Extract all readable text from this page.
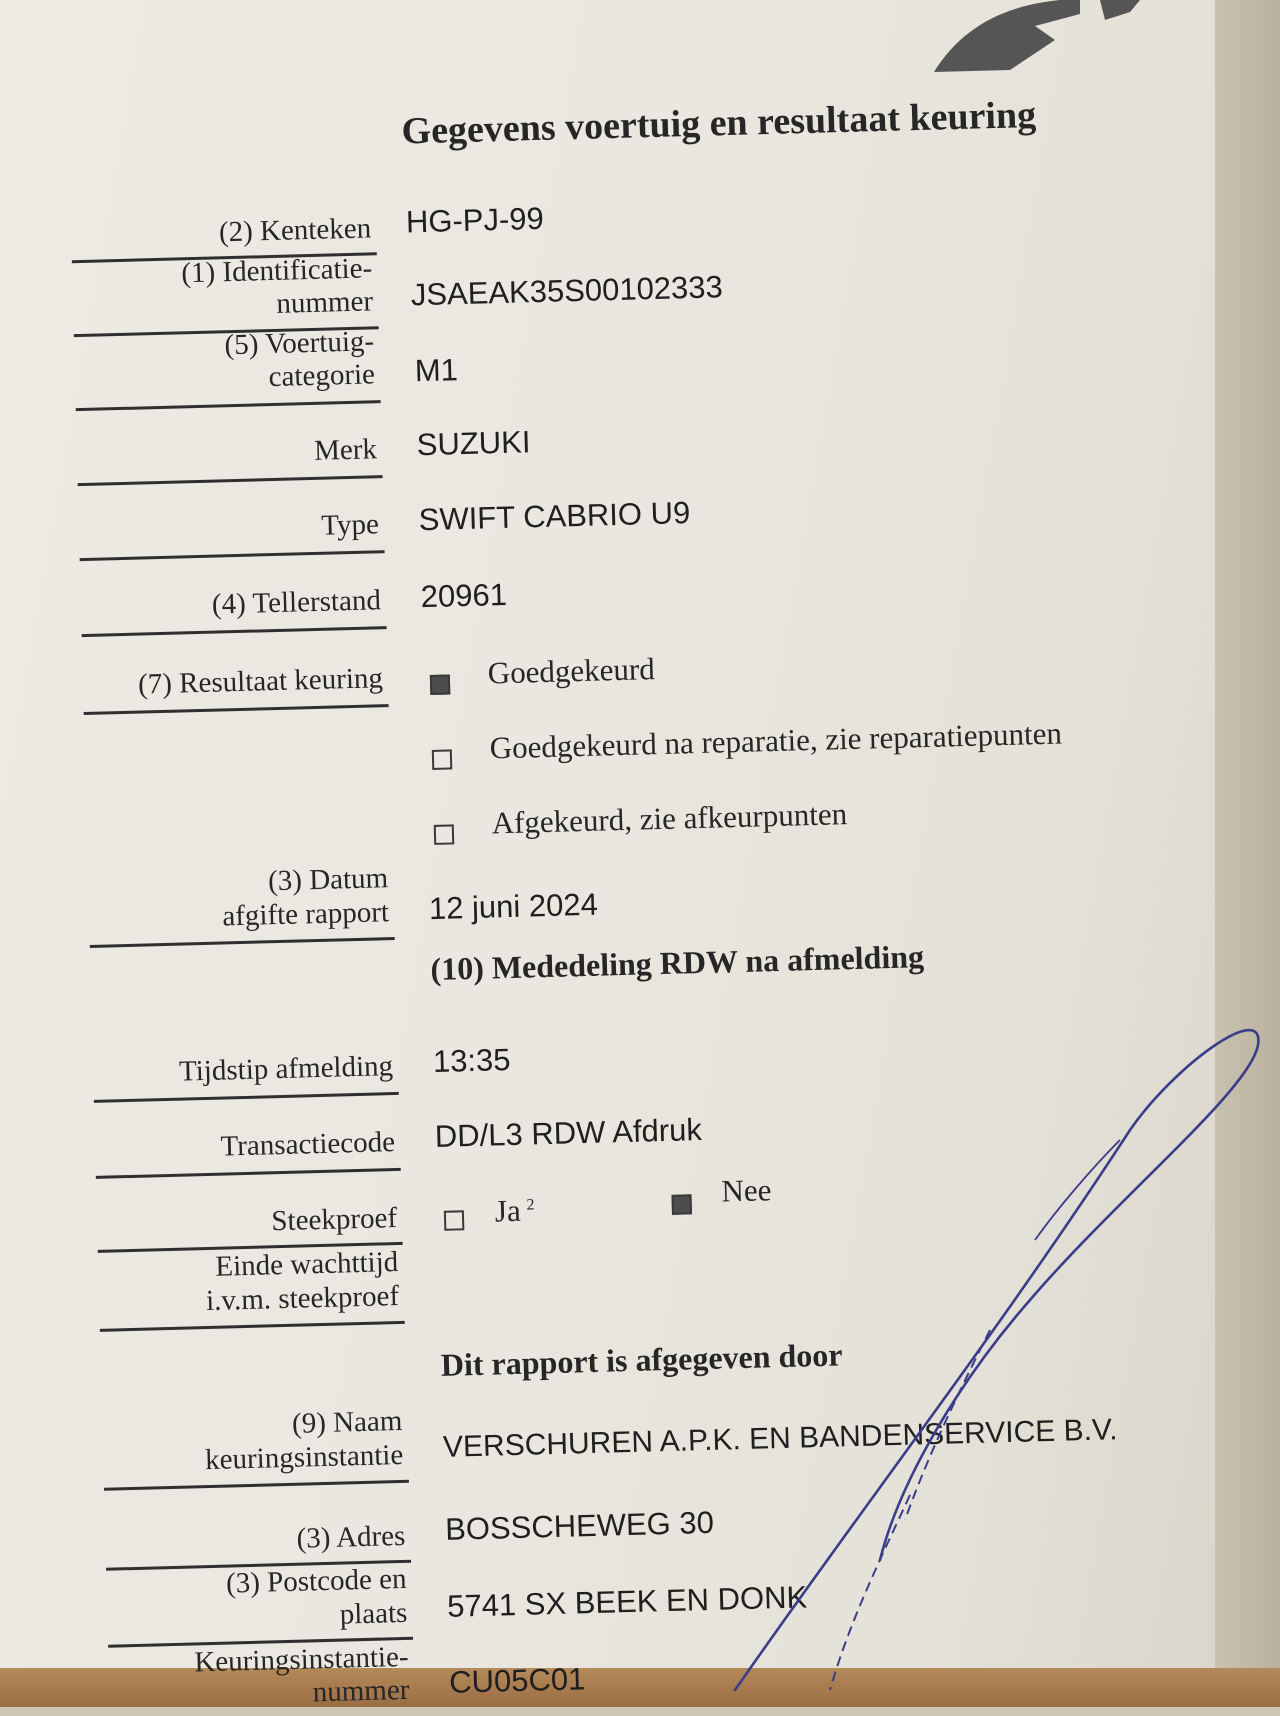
Gegevens voertuig en resultaat keuring
(2) Kenteken HG-PJ-99
(1) Identificatie-
nummer JSAEAK35S00102333
(5) Voertuig-
categorie M1
Merk SUZUKI
Type SWIFT CABRIO U9
(4) Tellerstand 20961
(7) Resultaat keuring	Goedgekeurd
Goedgekeurd na reparatie, zie reparatiepunten
Afgekeurd, zie afkeurpunten
(3) Datum
afgifte rapport 12 juni 2024
(10) Mededeling RDW na afmelding
Tijdstip afmelding 13:35
Transactiecode DD/L3 RDW Afdruk
Steekproef	Ja $^2$	Nee
Einde wachttijd
i.v.m. steekproef
Dit rapport is afgegeven door
(9) Naam
keuringsinstantie VERSCHUREN A.P.K. EN BANDENSERVICE B.V.
(3) Adres BOSSCHEWEG 30
(3) Postcode en
plaats 5741 SX BEEK EN DONK
Keuringsinstantie-
nummer CU05C01
